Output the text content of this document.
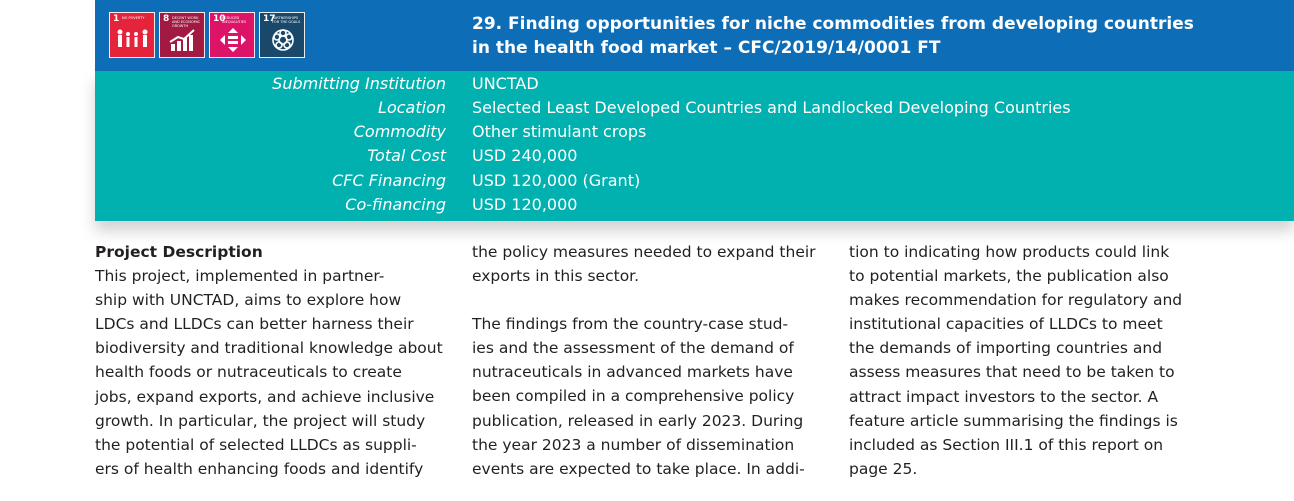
1 NO POVERTY	8 DECENT WORK AND ECONOMIC GROWTH
10
REDUCED INEQUALITIES	17
PARTNERSHIPS FOR THE GOALS	29. Finding opportunities for niche commodities from developing countries
in the health food market – CFC/2019/14/0001 FT
Submitting Institution UNCTAD
Location Selected Least Developed Countries and Landlocked Developing Countries
Commodity Other stimulant crops
Total Cost USD 240,000
CFC Financing USD 120,000 (Grant)
Co-financing USD 120,000

Project Description

This project, implemented in partner-

ship with UNCTAD, aims to explore how

LDCs and LLDCs can better harness their

biodiversity and traditional knowledge about

health foods or nutraceuticals to create

jobs, expand exports, and achieve inclusive

growth. In particular, the project will study

the potential of selected LLDCs as suppli-

ers of health enhancing foods and identify

the policy measures needed to expand their

exports in this sector.

The findings from the country-case stud-

ies and the assessment of the demand of

nutraceuticals in advanced markets have

been compiled in a comprehensive policy

publication, released in early 2023. During

the year 2023 a number of dissemination

events are expected to take place. In addi-

tion to indicating how products could link

to potential markets, the publication also

makes recommendation for regulatory and

institutional capacities of LLDCs to meet

the demands of importing countries and

assess measures that need to be taken to

attract impact investors to the sector. A

feature article summarising the findings is

included as Section III.1 of this report on

page 25.
